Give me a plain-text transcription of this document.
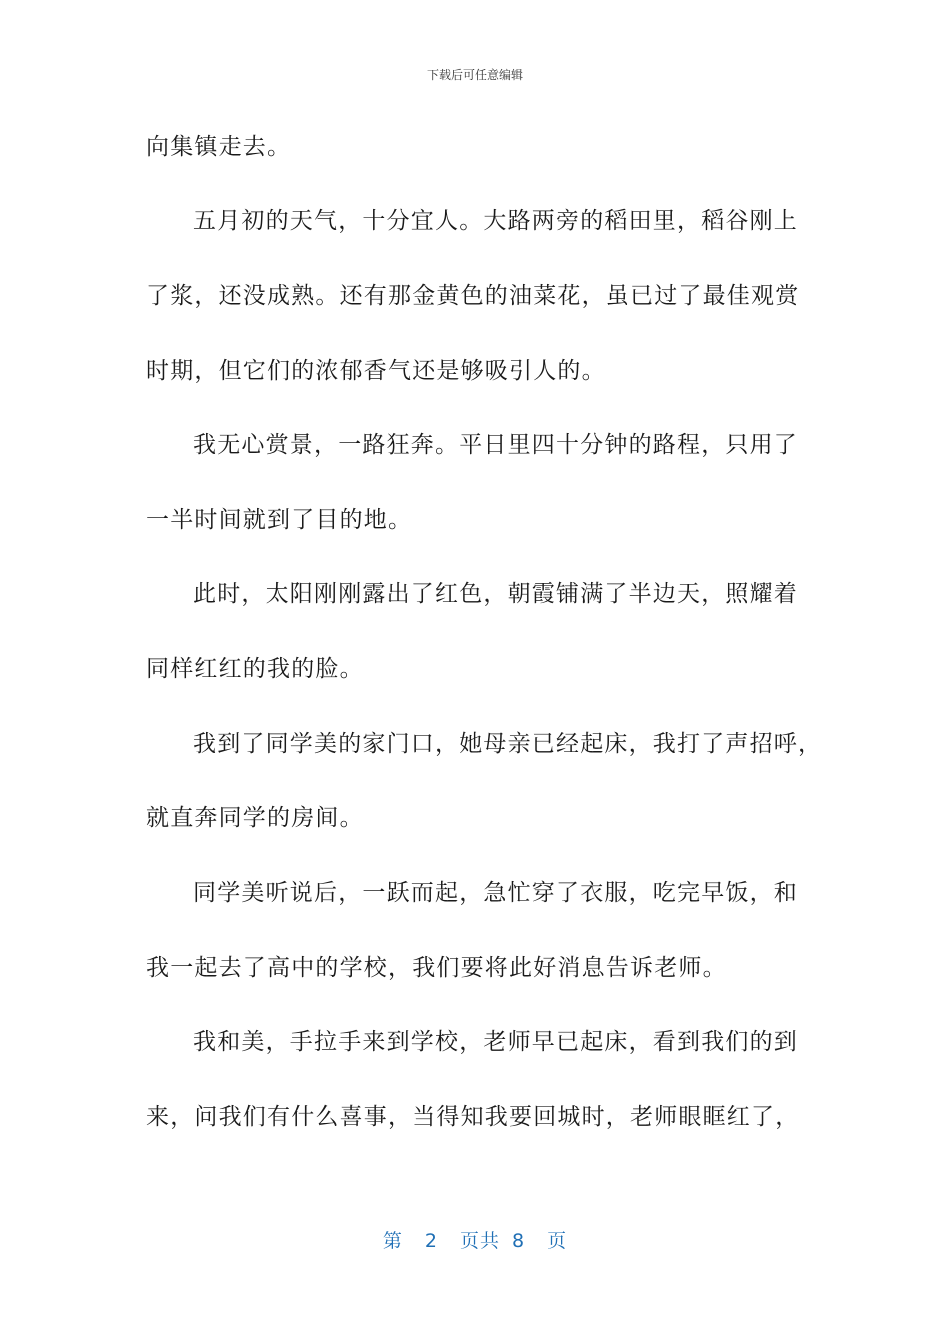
下载后可任意编辑
向集镇走去。
五月初的天气，十分宜人。大路两旁的稻田里，稻谷刚上
了浆，还没成熟。还有那金黄色的油菜花，虽已过了最佳观赏
时期，但它们的浓郁香气还是够吸引人的。
我无心赏景，一路狂奔。平日里四十分钟的路程，只用了
一半时间就到了目的地。
此时，太阳刚刚露出了红色，朝霞铺满了半边天，照耀着
同样红红的我的脸。
我到了同学美的家门口，她母亲已经起床，我打了声招呼，
就直奔同学的房间。
同学美听说后，一跃而起，急忙穿了衣服，吃完早饭，和
我一起去了高中的学校，我们要将此好消息告诉老师。
我和美，手拉手来到学校，老师早已起床，看到我们的到
来，问我们有什么喜事，当得知我要回城时，老师眼眶红了，
第 2 页共 8 页
